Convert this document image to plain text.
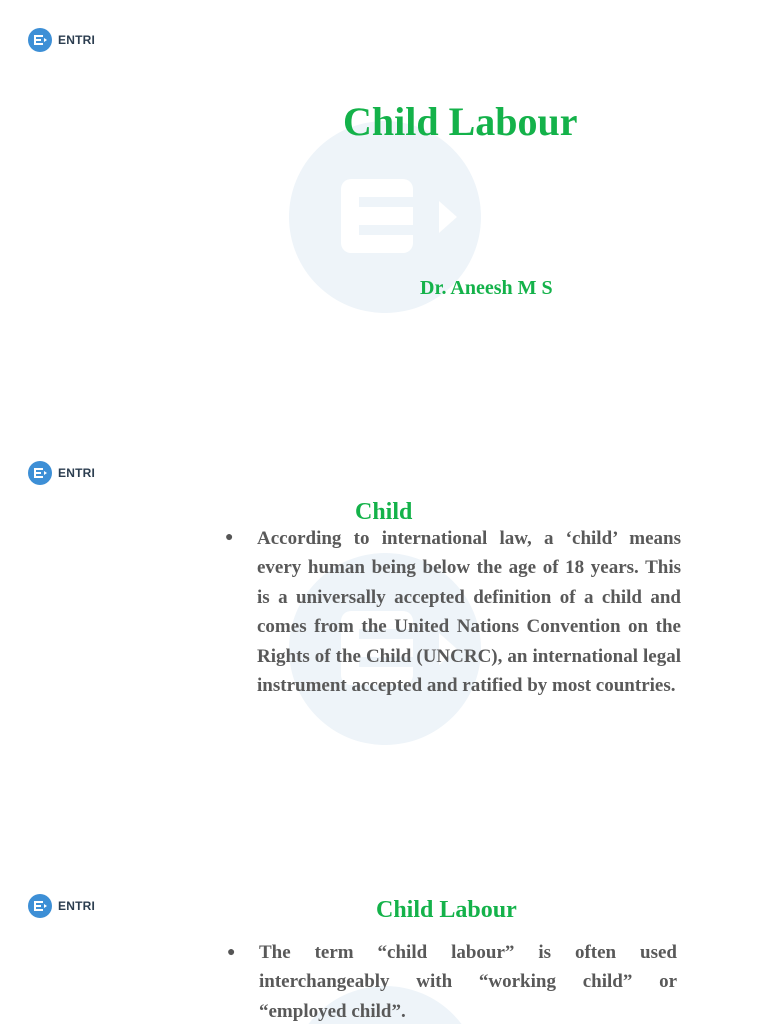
ENTRI
Child Labour
Dr. Aneesh M S
ENTRI
Child
● According to international law, a ‘child’ means every human being below the age of 18 years. This is a universally accepted definition of a child and comes from the United Nations Convention on the Rights of the Child (UNCRC), an international legal instrument accepted and ratified by most countries.
ENTRI	Child Labour
● The term “child labour” is often used interchangeably with “working child” or “employed child”.
